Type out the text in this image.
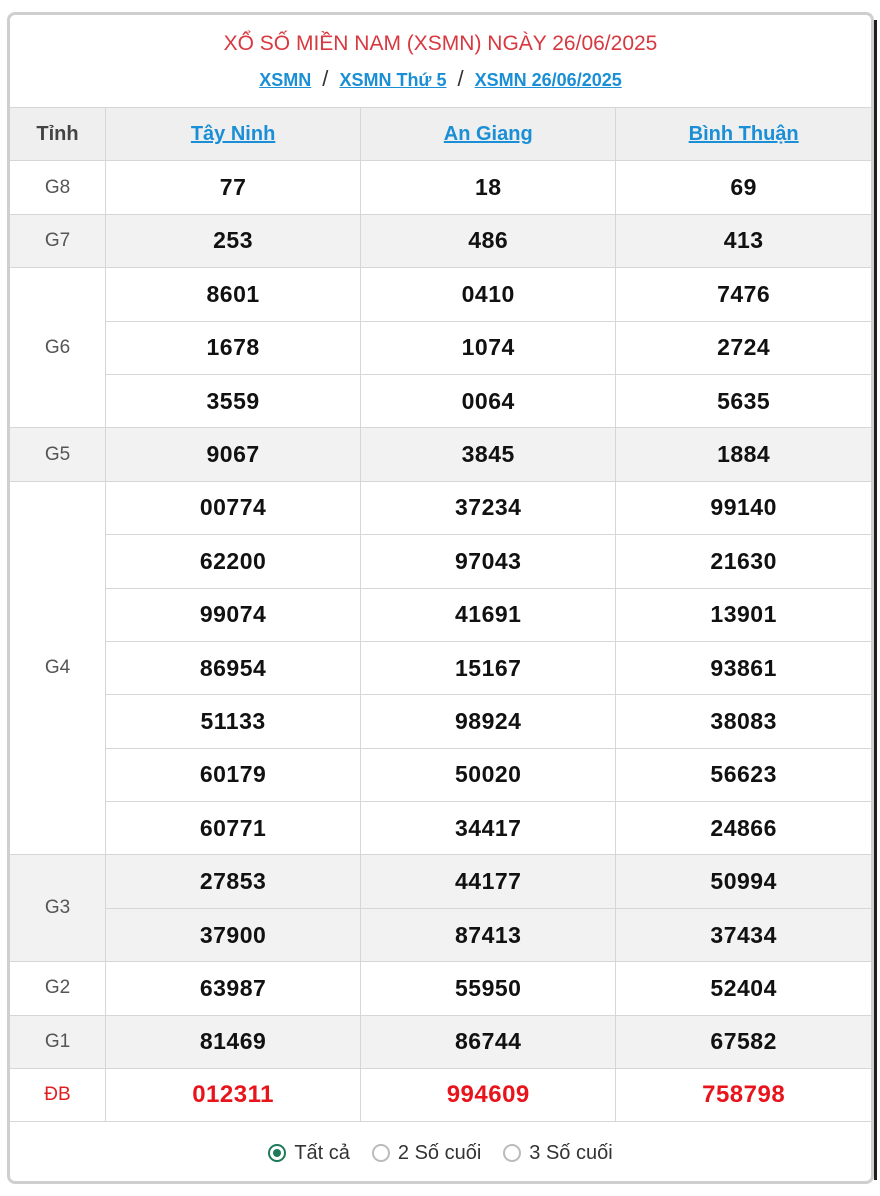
XỔ SỐ MIỀN NAM (XSMN) NGÀY 26/06/2025
XSMN / XSMN Thứ 5 / XSMN 26/06/2025
Tỉnh	Tây Ninh	An Giang	Bình Thuận
G8	77	18	69
G7	253	486	413
G6	8601	0410	7476
	1678	1074	2724
	3559	0064	5635
G5	9067	3845	1884
G4	00774	37234	99140
	62200	97043	21630
	99074	41691	13901
	86954	15167	93861
	51133	98924	38083
	60179	50020	56623
	60771	34417	24866
G3	27853	44177	50994
	37900	87413	37434
G2	63987	55950	52404
G1	81469	86744	67582
ĐB	012311	994609	758798
Tất cả 2 Số cuối 3 Số cuối
